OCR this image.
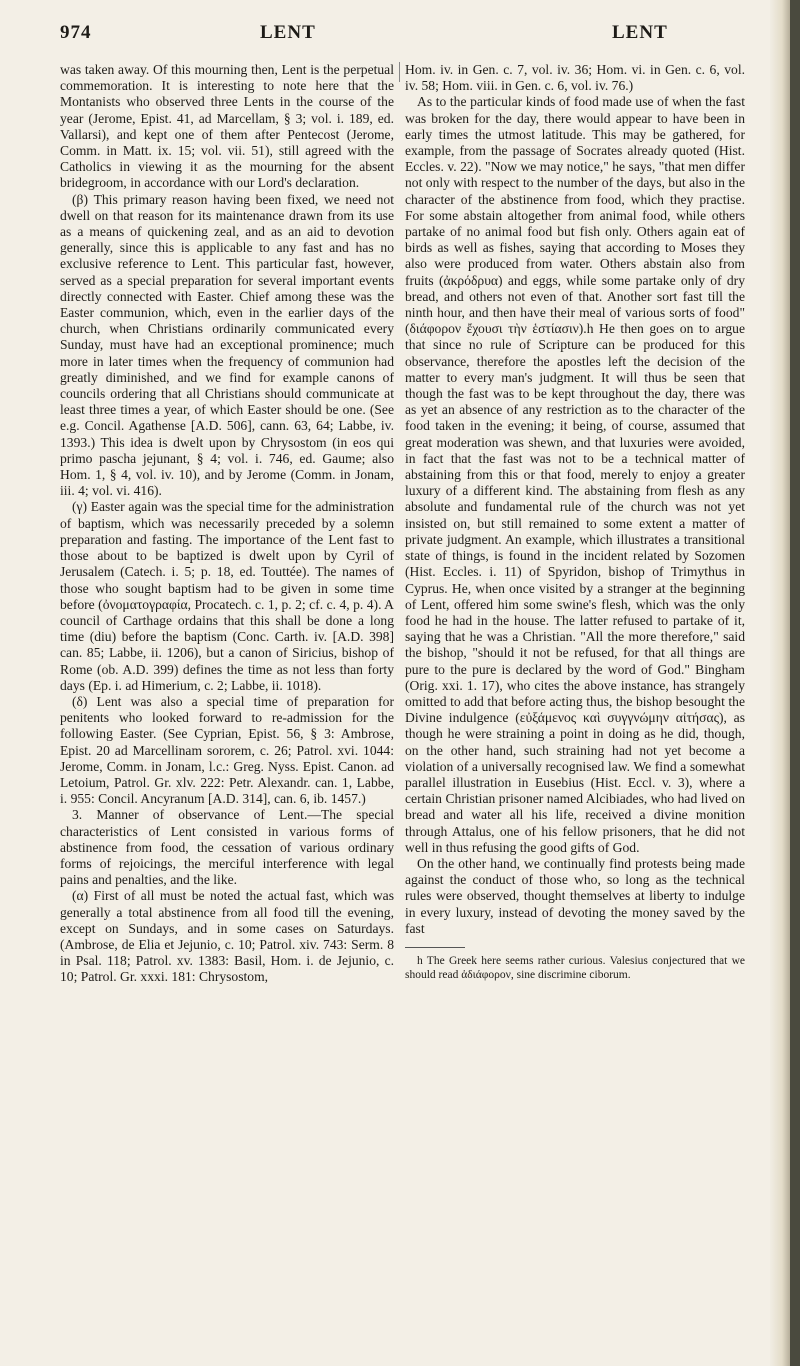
974	LENT	LENT

was taken away. Of this mourning then, Lent is the perpetual commemoration. It is interesting to note here that the Montanists who observed three Lents in the course of the year (Jerome, Epist. 41, ad Marcellam, § 3; vol. i. 189, ed. Vallarsi), and kept one of them after Pentecost (Jerome, Comm. in Matt. ix. 15; vol. vii. 51), still agreed with the Catholics in viewing it as the mourning for the absent bridegroom, in accordance with our Lord's declaration.

(β) This primary reason having been fixed, we need not dwell on that reason for its maintenance drawn from its use as a means of quickening zeal, and as an aid to devotion generally, since this is applicable to any fast and has no exclusive reference to Lent. This particular fast, however, served as a special preparation for several important events directly connected with Easter. Chief among these was the Easter communion, which, even in the earlier days of the church, when Christians ordinarily communicated every Sunday, must have had an exceptional prominence; much more in later times when the frequency of communion had greatly diminished, and we find for example canons of councils ordering that all Christians should communicate at least three times a year, of which Easter should be one. (See e.g. Concil. Agathense [A.D. 506], cann. 63, 64; Labbe, iv. 1393.) This idea is dwelt upon by Chrysostom (in eos qui primo pascha jejunant, § 4; vol. i. 746, ed. Gaume; also Hom. 1, § 4, vol. iv. 10), and by Jerome (Comm. in Jonam, iii. 4; vol. vi. 416).

(γ) Easter again was the special time for the administration of baptism, which was necessarily preceded by a solemn preparation and fasting. The importance of the Lent fast to those about to be baptized is dwelt upon by Cyril of Jerusalem (Catech. i. 5; p. 18, ed. Touttée). The names of those who sought baptism had to be given in some time before (ὀνοματογραφία, Procatech. c. 1, p. 2; cf. c. 4, p. 4). A council of Carthage ordains that this shall be done a long time (diu) before the baptism (Conc. Carth. iv. [A.D. 398] can. 85; Labbe, ii. 1206), but a canon of Siricius, bishop of Rome (ob. A.D. 399) defines the time as not less than forty days (Ep. i. ad Himerium, c. 2; Labbe, ii. 1018).

(δ) Lent was also a special time of preparation for penitents who looked forward to re-admission for the following Easter. (See Cyprian, Epist. 56, § 3: Ambrose, Epist. 20 ad Marcellinam sororem, c. 26; Patrol. xvi. 1044: Jerome, Comm. in Jonam, l.c.: Greg. Nyss. Epist. Canon. ad Letoium, Patrol. Gr. xlv. 222: Petr. Alexandr. can. 1, Labbe, i. 955: Concil. Ancyranum [A.D. 314], can. 6, ib. 1457.)

3. Manner of observance of Lent.—The special characteristics of Lent consisted in various forms of abstinence from food, the cessation of various ordinary forms of rejoicings, the merciful interference with legal pains and penalties, and the like.

(α) First of all must be noted the actual fast, which was generally a total abstinence from all food till the evening, except on Sundays, and in some cases on Saturdays. (Ambrose, de Elia et Jejunio, c. 10; Patrol. xiv. 743: Serm. 8 in Psal. 118; Patrol. xv. 1383: Basil, Hom. i. de Jejunio, c. 10; Patrol. Gr. xxxi. 181: Chrysostom,

Hom. iv. in Gen. c. 7, vol. iv. 36; Hom. vi. in Gen. c. 6, vol. iv. 58; Hom. viii. in Gen. c. 6, vol. iv. 76.)

As to the particular kinds of food made use of when the fast was broken for the day, there would appear to have been in early times the utmost latitude. This may be gathered, for example, from the passage of Socrates already quoted (Hist. Eccles. v. 22). "Now we may notice," he says, "that men differ not only with respect to the number of the days, but also in the character of the abstinence from food, which they practise. For some abstain altogether from animal food, while others partake of no animal food but fish only. Others again eat of birds as well as fishes, saying that according to Moses they also were produced from water. Others abstain also from fruits (ἀκρόδρυα) and eggs, while some partake only of dry bread, and others not even of that. Another sort fast till the ninth hour, and then have their meal of various sorts of food" (διάφορον ἔχουσι τὴν ἑστίασιν).h He then goes on to argue that since no rule of Scripture can be produced for this observance, therefore the apostles left the decision of the matter to every man's judgment. It will thus be seen that though the fast was to be kept throughout the day, there was as yet an absence of any restriction as to the character of the food taken in the evening; it being, of course, assumed that great moderation was shewn, and that luxuries were avoided, in fact that the fast was not to be a technical matter of abstaining from this or that food, merely to enjoy a greater luxury of a different kind. The abstaining from flesh as any absolute and fundamental rule of the church was not yet insisted on, but still remained to some extent a matter of private judgment. An example, which illustrates a transitional state of things, is found in the incident related by Sozomen (Hist. Eccles. i. 11) of Spyridon, bishop of Trimythus in Cyprus. He, when once visited by a stranger at the beginning of Lent, offered him some swine's flesh, which was the only food he had in the house. The latter refused to partake of it, saying that he was a Christian. "All the more therefore," said the bishop, "should it not be refused, for that all things are pure to the pure is declared by the word of God." Bingham (Orig. xxi. 1. 17), who cites the above instance, has strangely omitted to add that before acting thus, the bishop besought the Divine indulgence (εὐξάμενος καὶ συγγνώμην αἰτήσας), as though he were straining a point in doing as he did, though, on the other hand, such straining had not yet become a violation of a universally recognised law. We find a somewhat parallel illustration in Eusebius (Hist. Eccl. v. 3), where a certain Christian prisoner named Alcibiades, who had lived on bread and water all his life, received a divine monition through Attalus, one of his fellow prisoners, that he did not well in thus refusing the good gifts of God.

On the other hand, we continually find protests being made against the conduct of those who, so long as the technical rules were observed, thought themselves at liberty to indulge in every luxury, instead of devoting the money saved by the fast

h The Greek here seems rather curious. Valesius conjectured that we should read ἀδιάφορον, sine discrimine ciborum.
